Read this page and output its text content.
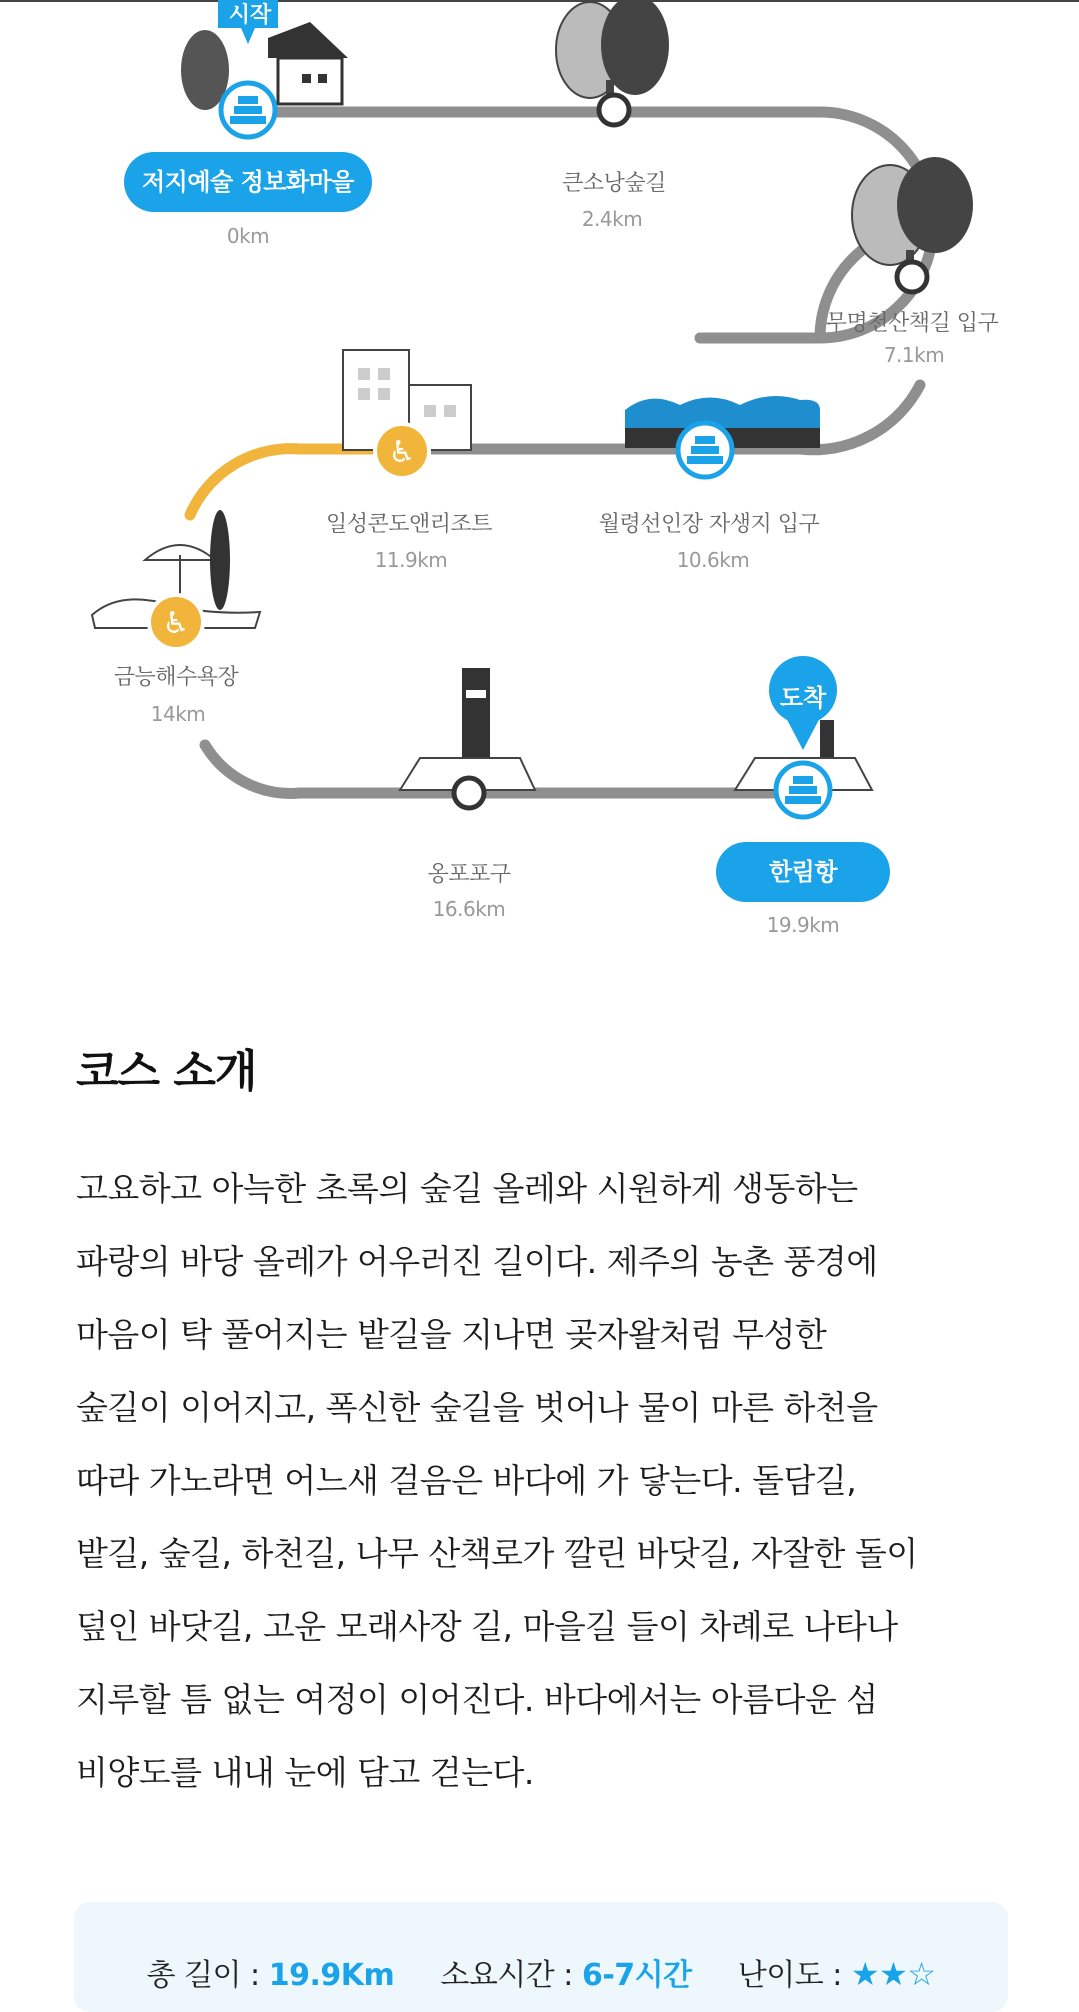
♿
♿
시작
도착
저지예술 정보화마을
0km
큰소낭숲길
2.4km
무명천산책길 입구
7.1km
월령선인장 자생지 입구
10.6km
일성콘도앤리조트
11.9km
금능해수욕장
14km
옹포포구
16.6km
한림항
19.9km
코스 소개
고요하고 아늑한 초록의 숲길 올레와 시원하게 생동하는
파랑의 바당 올레가 어우러진 길이다. 제주의 농촌 풍경에
마음이 탁 풀어지는 밭길을 지나면 곶자왈처럼 무성한
숲길이 이어지고, 폭신한 숲길을 벗어나 물이 마른 하천을
따라 가노라면 어느새 걸음은 바다에 가 닿는다. 돌담길,
밭길, 숲길, 하천길, 나무 산책로가 깔린 바닷길, 자잘한 돌이
덮인 바닷길, 고운 모래사장 길, 마을길 들이 차례로 나타나
지루할 틈 없는 여정이 이어진다. 바다에서는 아름다운 섬
비양도를 내내 눈에 담고 걷는다.
총 길이 : 19.9Km 소요시간 : 6-7시간 난이도 : ★★☆
